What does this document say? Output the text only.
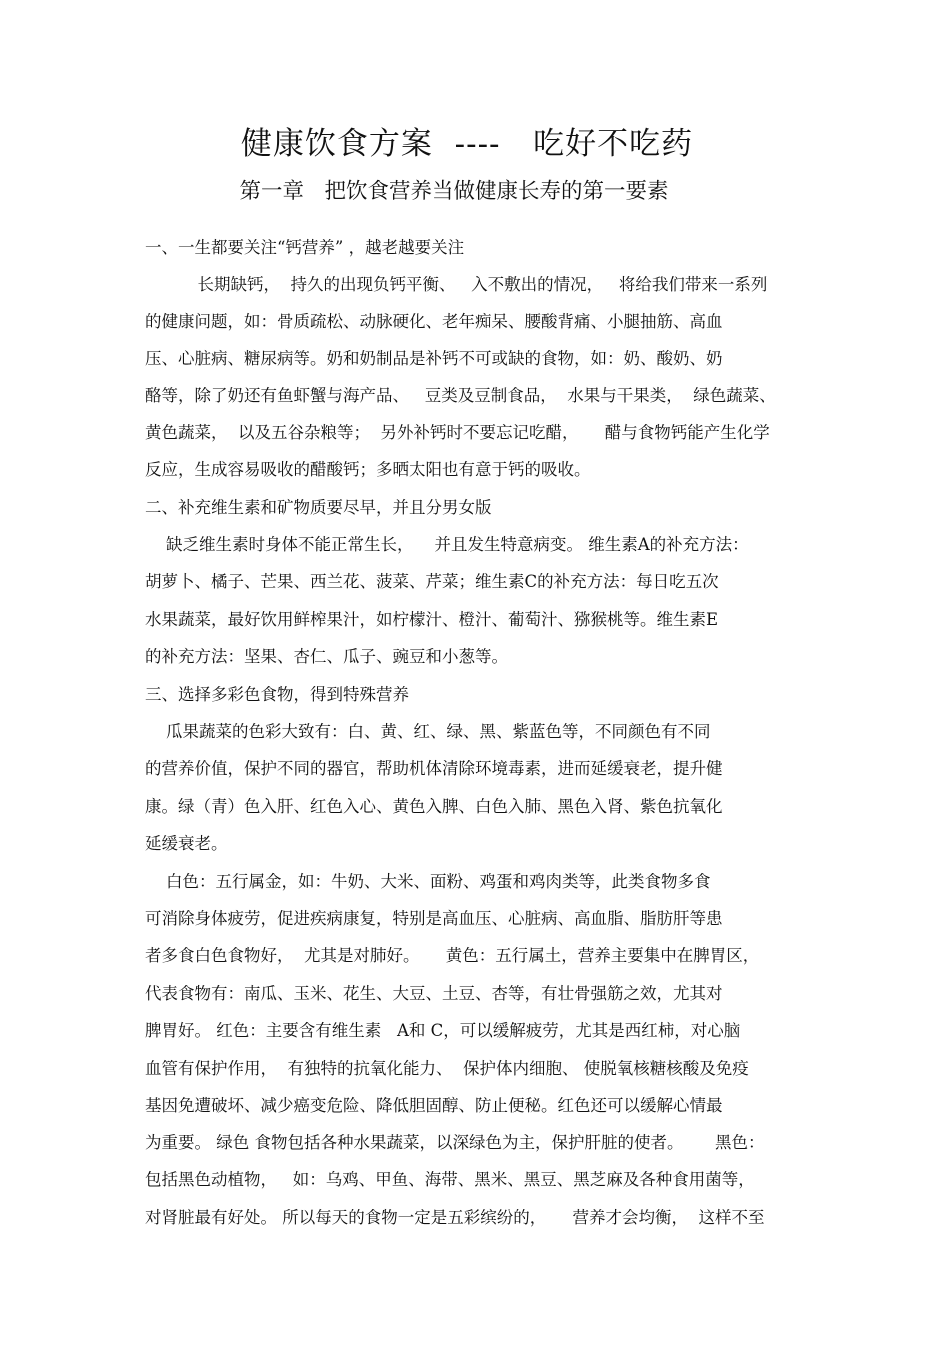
健康饮食方案  ----   吃好不吃药
第一章   把饮食营养当做健康长寿的第一要素
一、一生都要关注“钙营养” ，越老越要关注
长期缺钙，  持久的出现负钙平衡、   入不敷出的情况，   将给我们带来一系列
的健康问题，如：骨质疏松、动脉硬化、老年痴呆、腰酸背痛、小腿抽筋、高血
压、心脏病、糖尿病等。奶和奶制品是补钙不可或缺的食物，如：奶、酸奶、奶
酪等，除了奶还有鱼虾蟹与海产品、   豆类及豆制食品，  水果与干果类，  绿色蔬菜、
黄色蔬菜，  以及五谷杂粮等；  另外补钙时不要忘记吃醋，     醋与食物钙能产生化学
反应，生成容易吸收的醋酸钙；多晒太阳也有意于钙的吸收。
二、补充维生素和矿物质要尽早，并且分男女版
缺乏维生素时身体不能正常生长，    并且发生特意病变。 维生素A的补充方法：
胡萝卜、橘子、芒果、西兰花、菠菜、芹菜；维生素C的补充方法：每日吃五次
水果蔬菜，最好饮用鲜榨果汁，如柠檬汁、橙汁、葡萄汁、猕猴桃等。维生素E
的补充方法：坚果、杏仁、瓜子、豌豆和小葱等。
三、选择多彩色食物，得到特殊营养
瓜果蔬菜的色彩大致有：白、黄、红、绿、黑、紫蓝色等，不同颜色有不同
的营养价值，保护不同的器官，帮助机体清除环境毒素，进而延缓衰老，提升健
康。绿（青）色入肝、红色入心、黄色入脾、白色入肺、黑色入肾、紫色抗氧化
延缓衰老。
白色：五行属金，如：牛奶、大米、面粉、鸡蛋和鸡肉类等，此类食物多食
可消除身体疲劳，促进疾病康复，特别是高血压、心脏病、高血脂、脂肪肝等患
者多食白色食物好，  尤其是对肺好。     黄色：五行属土，营养主要集中在脾胃区，
代表食物有：南瓜、玉米、花生、大豆、土豆、杏等，有壮骨强筋之效，尤其对
脾胃好。 红色：主要含有维生素   A和 C，可以缓解疲劳，尤其是西红柿，对心脑
血管有保护作用，  有独特的抗氧化能力、  保护体内细胞、 使脱氧核糖核酸及免疫
基因免遭破坏、减少癌变危险、降低胆固醇、防止便秘。红色还可以缓解心情最
为重要。 绿色 食物包括各种水果蔬菜，以深绿色为主，保护肝脏的使者。      黑色：
包括黑色动植物，   如：乌鸡、甲鱼、海带、黑米、黑豆、黑芝麻及各种食用菌等，
对肾脏最有好处。 所以每天的食物一定是五彩缤纷的，     营养才会均衡，  这样不至
